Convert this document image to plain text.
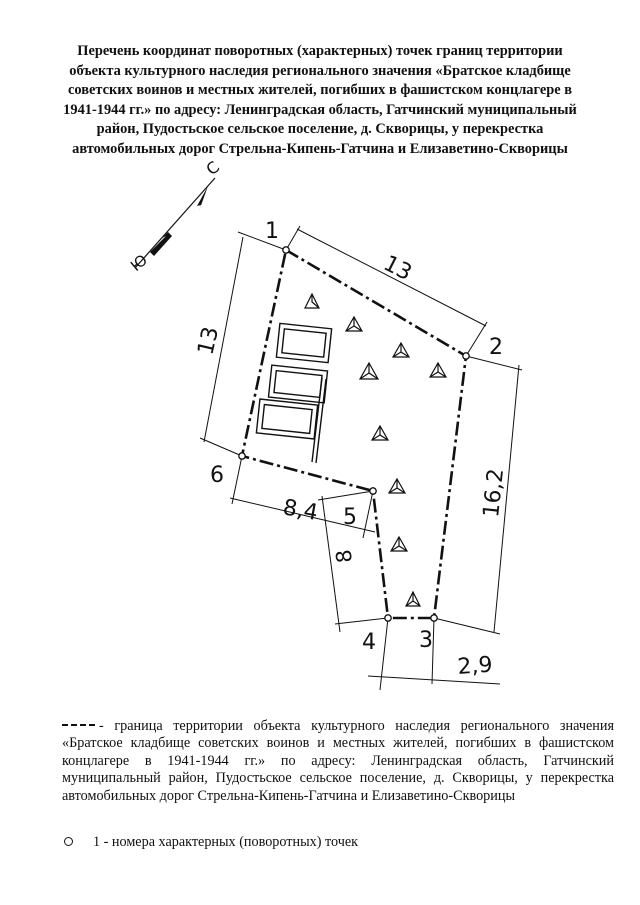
Перечень координат поворотных (характерных) точек границ территории
объекта культурного наследия регионального значения «Братское кладбище
советских воинов и местных жителей, погибших в фашистском концлагере в
1941-1944 гг.» по адресу: Ленинградская область, Гатчинский муниципальный
район, Пудостьское сельское поселение, д. Скворицы, у перекрестка
автомобильных дорог Стрельна-Кипень-Гатчина и Елизаветино-Скворицы
С
Ю
1
2
3
4
5
6
13
13
16,2
8,4
8
2,9

- граница территории объекта культурного наследия регионального значения «Братское кладбище советских воинов и местных жителей, погибших в фашистском концлагере в 1941-1944 гг.» по адресу: Ленинградская область, Гатчинский муниципальный район, Пудостьское сельское поселение, д. Скворицы, у перекрестка автомобильных дорог Стрельна-Кипень-Гатчина и Елизаветино-Скворицы

1 - номера характерных (поворотных) точек
